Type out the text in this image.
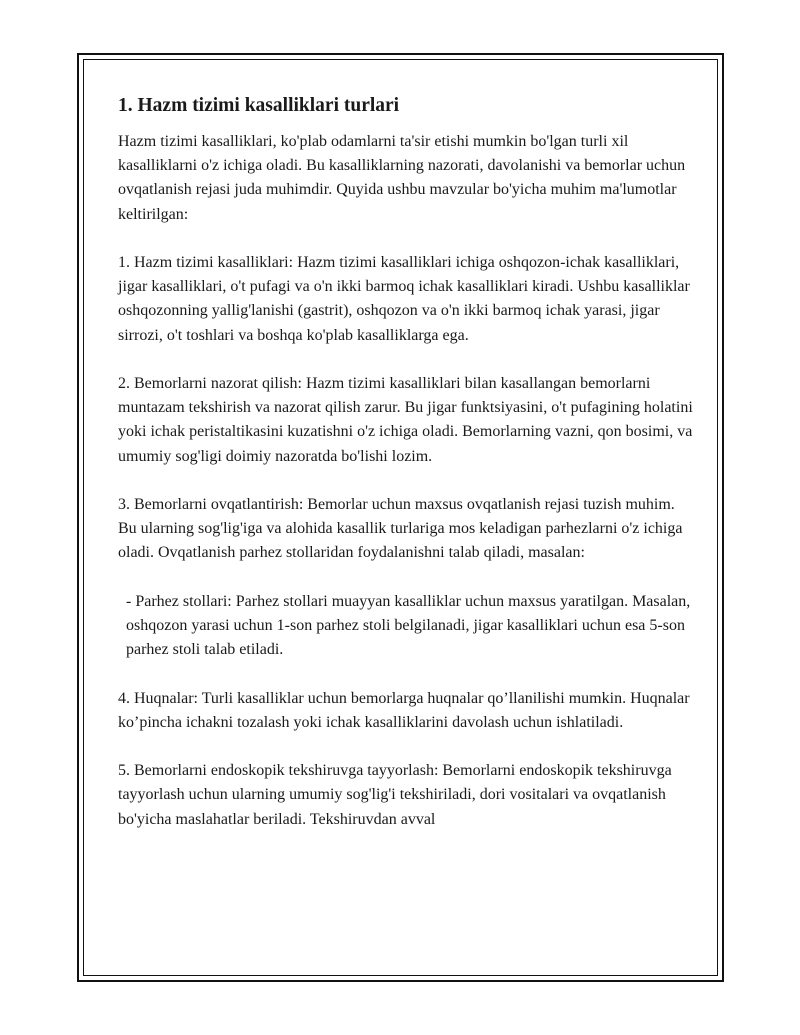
1. Hazm tizimi kasalliklari turlari

Hazm tizimi kasalliklari, ko'plab odamlarni ta'sir etishi mumkin bo'lgan turli xil kasalliklarni o'z ichiga oladi. Bu kasalliklarning nazorati, davolanishi va bemorlar uchun ovqatlanish rejasi juda muhimdir. Quyida ushbu mavzular bo'yicha muhim ma'lumotlar keltirilgan:

1. Hazm tizimi kasalliklari: Hazm tizimi kasalliklari ichiga oshqozon-ichak kasalliklari, jigar kasalliklari, o't pufagi va o'n ikki barmoq ichak kasalliklari kiradi. Ushbu kasalliklar oshqozonning yallig'lanishi (gastrit), oshqozon va o'n ikki barmoq ichak yarasi, jigar sirrozi, o't toshlari va boshqa ko'plab kasalliklarga ega.

2. Bemorlarni nazorat qilish: Hazm tizimi kasalliklari bilan kasallangan bemorlarni muntazam tekshirish va nazorat qilish zarur. Bu jigar funktsiyasini, o't pufagining holatini yoki ichak peristaltikasini kuzatishni o'z ichiga oladi. Bemorlarning vazni, qon bosimi, va umumiy sog'ligi doimiy nazoratda bo'lishi lozim.

3. Bemorlarni ovqatlantirish: Bemorlar uchun maxsus ovqatlanish rejasi tuzish muhim. Bu ularning sog'lig'iga va alohida kasallik turlariga mos keladigan parhezlarni o'z ichiga oladi. Ovqatlanish parhez stollaridan foydalanishni talab qiladi, masalan:

- Parhez stollari: Parhez stollari muayyan kasalliklar uchun maxsus yaratilgan. Masalan, oshqozon yarasi uchun 1-son parhez stoli belgilanadi, jigar kasalliklari uchun esa 5-son parhez stoli talab etiladi.

4. Huqnalar: Turli kasalliklar uchun bemorlarga huqnalar qo’llanilishi mumkin. Huqnalar ko’pincha ichakni tozalash yoki ichak kasalliklarini davolash uchun ishlatiladi.

5. Bemorlarni endoskopik tekshiruvga tayyorlash: Bemorlarni endoskopik tekshiruvga tayyorlash uchun ularning umumiy sog'lig'i tekshiriladi, dori vositalari va ovqatlanish bo'yicha maslahatlar beriladi. Tekshiruvdan avval
